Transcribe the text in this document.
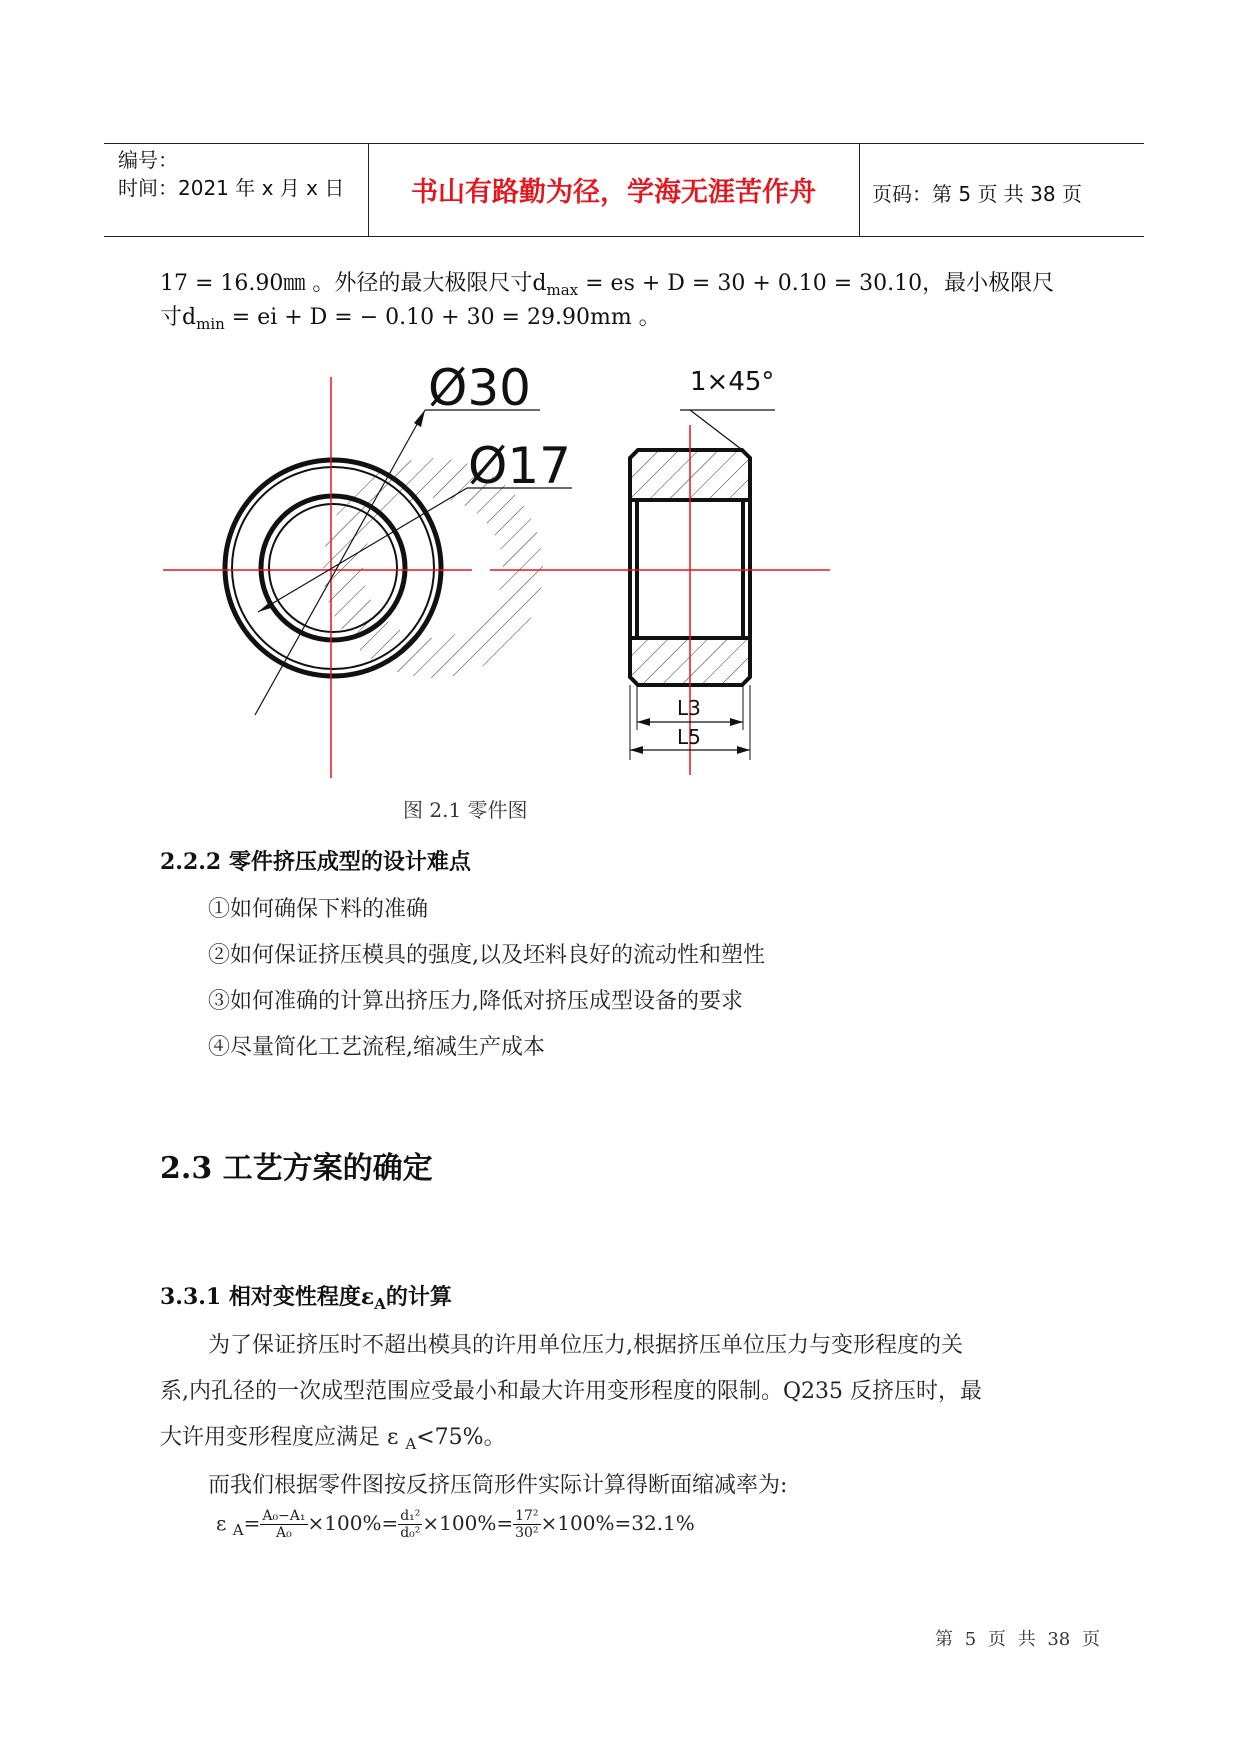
编号：
时间：2021 年 x 月 x 日	书山有路勤为径，学海无涯苦作舟	页码：第 5 页 共 38 页
17 = 16.90㎜ 。外径的最大极限尺寸$d_{max}$ = es + D = 30 + 0.10 = 30.10，最小极限尺
寸$d_{min}$ = ei + D = − 0.10 + 30 = 29.90mm 。
Ø30
Ø17
1×45°
L3
L5
图 2.1 零件图
2.2.2 零件挤压成型的设计难点
①如何确保下料的准确
②如何保证挤压模具的强度,以及坯料良好的流动性和塑性
③如何准确的计算出挤压力,降低对挤压成型设备的要求
④尽量简化工艺流程,缩减生产成本
2.3 工艺方案的确定
3.3.1 相对变性程度$\varepsilon_A$的计算
为了保证挤压时不超出模具的许用单位压力,根据挤压单位压力与变形程度的关
系,内孔径的一次成型范围应受最小和最大许用变形程度的限制。Q235 反挤压时，最
大许用变形程度应满足 ε $_A$<75%。
而我们根据零件图按反挤压筒形件实际计算得断面缩减率为:
ε $_A= \frac{\text{A₀−A₁}}{\text{A₀}} \times 100\%= \frac{\text{d₁²}}{\text{d₀²}} \times 100\%= \frac{\text{17²}}{\text{30²}} \times 100\%=32.1\%$
第 5 页 共 38 页
